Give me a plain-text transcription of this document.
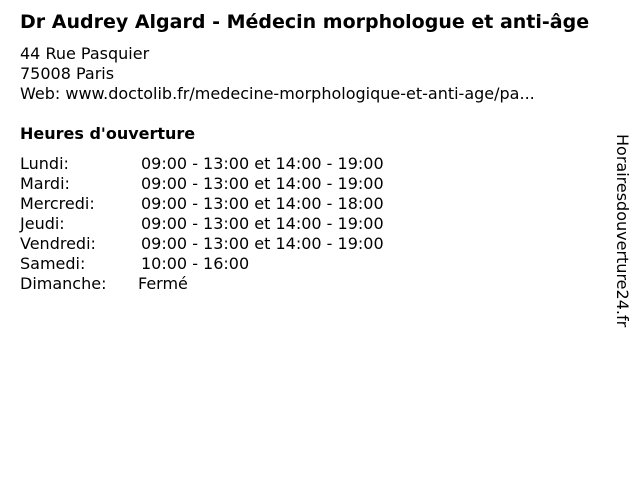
Dr Audrey Algard - Médecin morphologue et anti-âge
44 Rue Pasquier
75008 Paris
Web: www.doctolib.fr/medecine-morphologique-et-anti-age/pa...
Heures d'ouverture
Lundi:	09:00 - 13:00 et 14:00 - 19:00
Mardi:	09:00 - 13:00 et 14:00 - 19:00
Mercredi:	09:00 - 13:00 et 14:00 - 18:00
Jeudi:	09:00 - 13:00 et 14:00 - 19:00
Vendredi:	09:00 - 13:00 et 14:00 - 19:00
Samedi:	10:00 - 16:00
Dimanche: Fermé	Horairesdouverture24.fr
